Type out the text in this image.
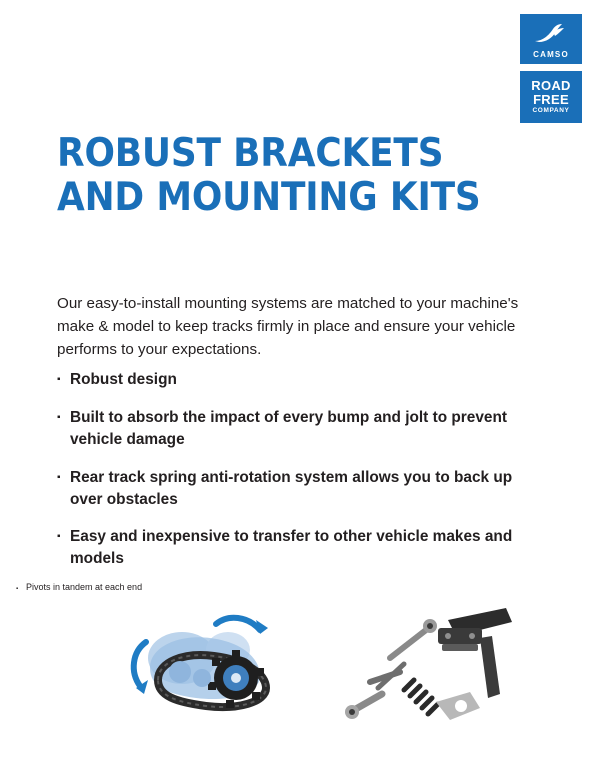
CAMSO
ROAD
FREE
COMPANY
ROBUST BRACKETS
AND MOUNTING KITS

Our easy-to-install mounting systems are matched to your machine's make & model to keep tracks firmly in place and ensure your vehicle performs to your expectations.

▪
Robust design
▪
Built to absorb the impact of every bump and jolt to prevent vehicle damage
▪
Rear track spring anti-rotation system allows you to back up over obstacles
▪
Easy and inexpensive to transfer to other vehicle makes and models
▪
Pivots in tandem at each end
